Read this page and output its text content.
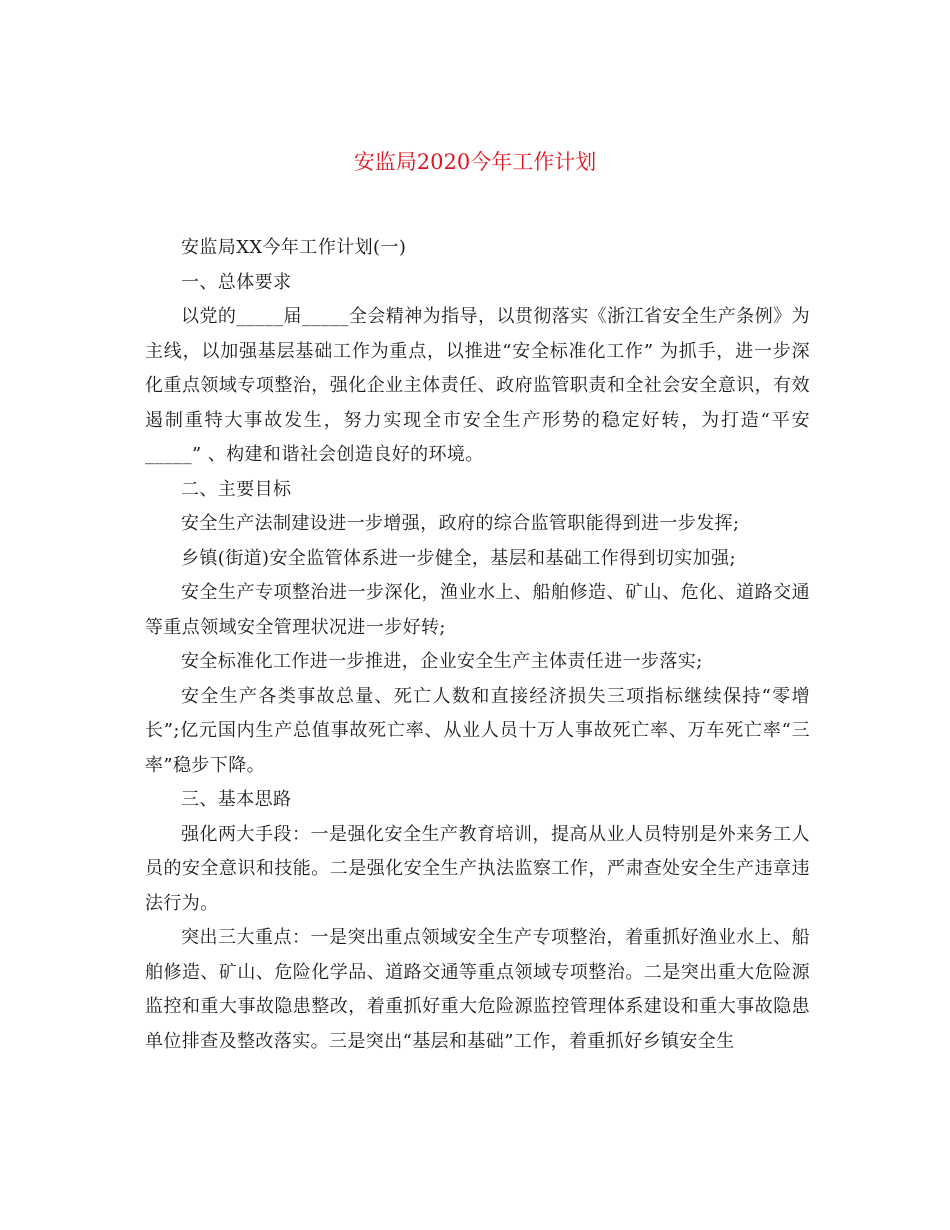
安监局2020今年工作计划

安监局XX今年工作计划(一)

一、总体要求

以党的_____届_____全会精神为指导，以贯彻落实《浙江省安全生产条例》为主线，以加强基层基础工作为重点，以推进“安全标准化工作” 为抓手，进一步深化重点领域专项整治，强化企业主体责任、政府监管职责和全社会安全意识，有效遏制重特大事故发生，努力实现全市安全生产形势的稳定好转，为打造“平安_____” 、构建和谐社会创造良好的环境。

二、主要目标

安全生产法制建设进一步增强，政府的综合监管职能得到进一步发挥;

乡镇(街道)安全监管体系进一步健全，基层和基础工作得到切实加强;

安全生产专项整治进一步深化，渔业水上、船舶修造、矿山、危化、道路交通等重点领域安全管理状况进一步好转;

安全标准化工作进一步推进，企业安全生产主体责任进一步落实;

安全生产各类事故总量、死亡人数和直接经济损失三项指标继续保持“零增长”;亿元国内生产总值事故死亡率、从业人员十万人事故死亡率、万车死亡率“三率”稳步下降。

三、基本思路

强化两大手段：一是强化安全生产教育培训，提高从业人员特别是外来务工人员的安全意识和技能。二是强化安全生产执法监察工作，严肃查处安全生产违章违法行为。

突出三大重点：一是突出重点领域安全生产专项整治，着重抓好渔业水上、船舶修造、矿山、危险化学品、道路交通等重点领域专项整治。二是突出重大危险源监控和重大事故隐患整改，着重抓好重大危险源监控管理体系建设和重大事故隐患单位排查及整改落实。三是突出“基层和基础”工作，着重抓好乡镇安全生
